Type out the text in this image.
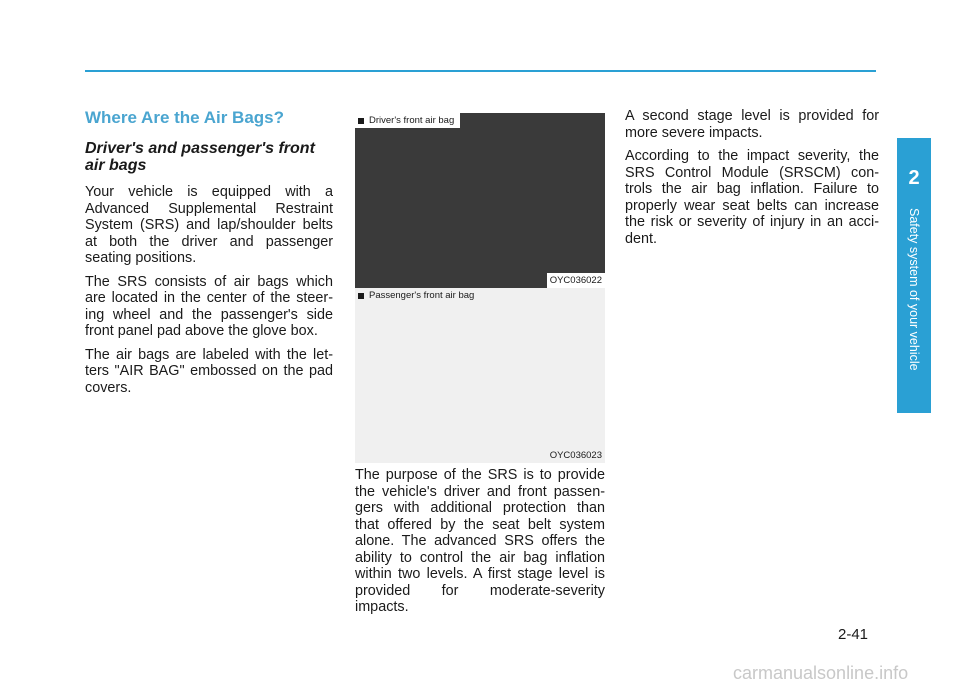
Where Are the Air Bags?
Driver's and passenger's front air bags

Your vehicle is equipped with a Advanced Supplemental Restraint System (SRS) and lap/shoulder belts at both the driver and passenger seating positions.

The SRS consists of air bags which are located in the center of the steer-ing wheel and the passenger's side front panel pad above the glove box.

The air bags are labeled with the let-ters "AIR BAG" embossed on the pad covers.

Driver's front air bag
OYC036022
Passenger's front air bag
OYC036023

The purpose of the SRS is to provide the vehicle's driver and front passen-gers with additional protection than that offered by the seat belt system alone. The advanced SRS offers the ability to control the air bag inflation within two levels. A first stage level is provided for moderate-severity impacts.

A second stage level is provided for more severe impacts.

According to the impact severity, the SRS Control Module (SRSCM) con-trols the air bag inflation. Failure to properly wear seat belts can increase the risk or severity of injury in an acci-dent.

2
Safety system of your vehicle
2-41
carmanualsonline.info
